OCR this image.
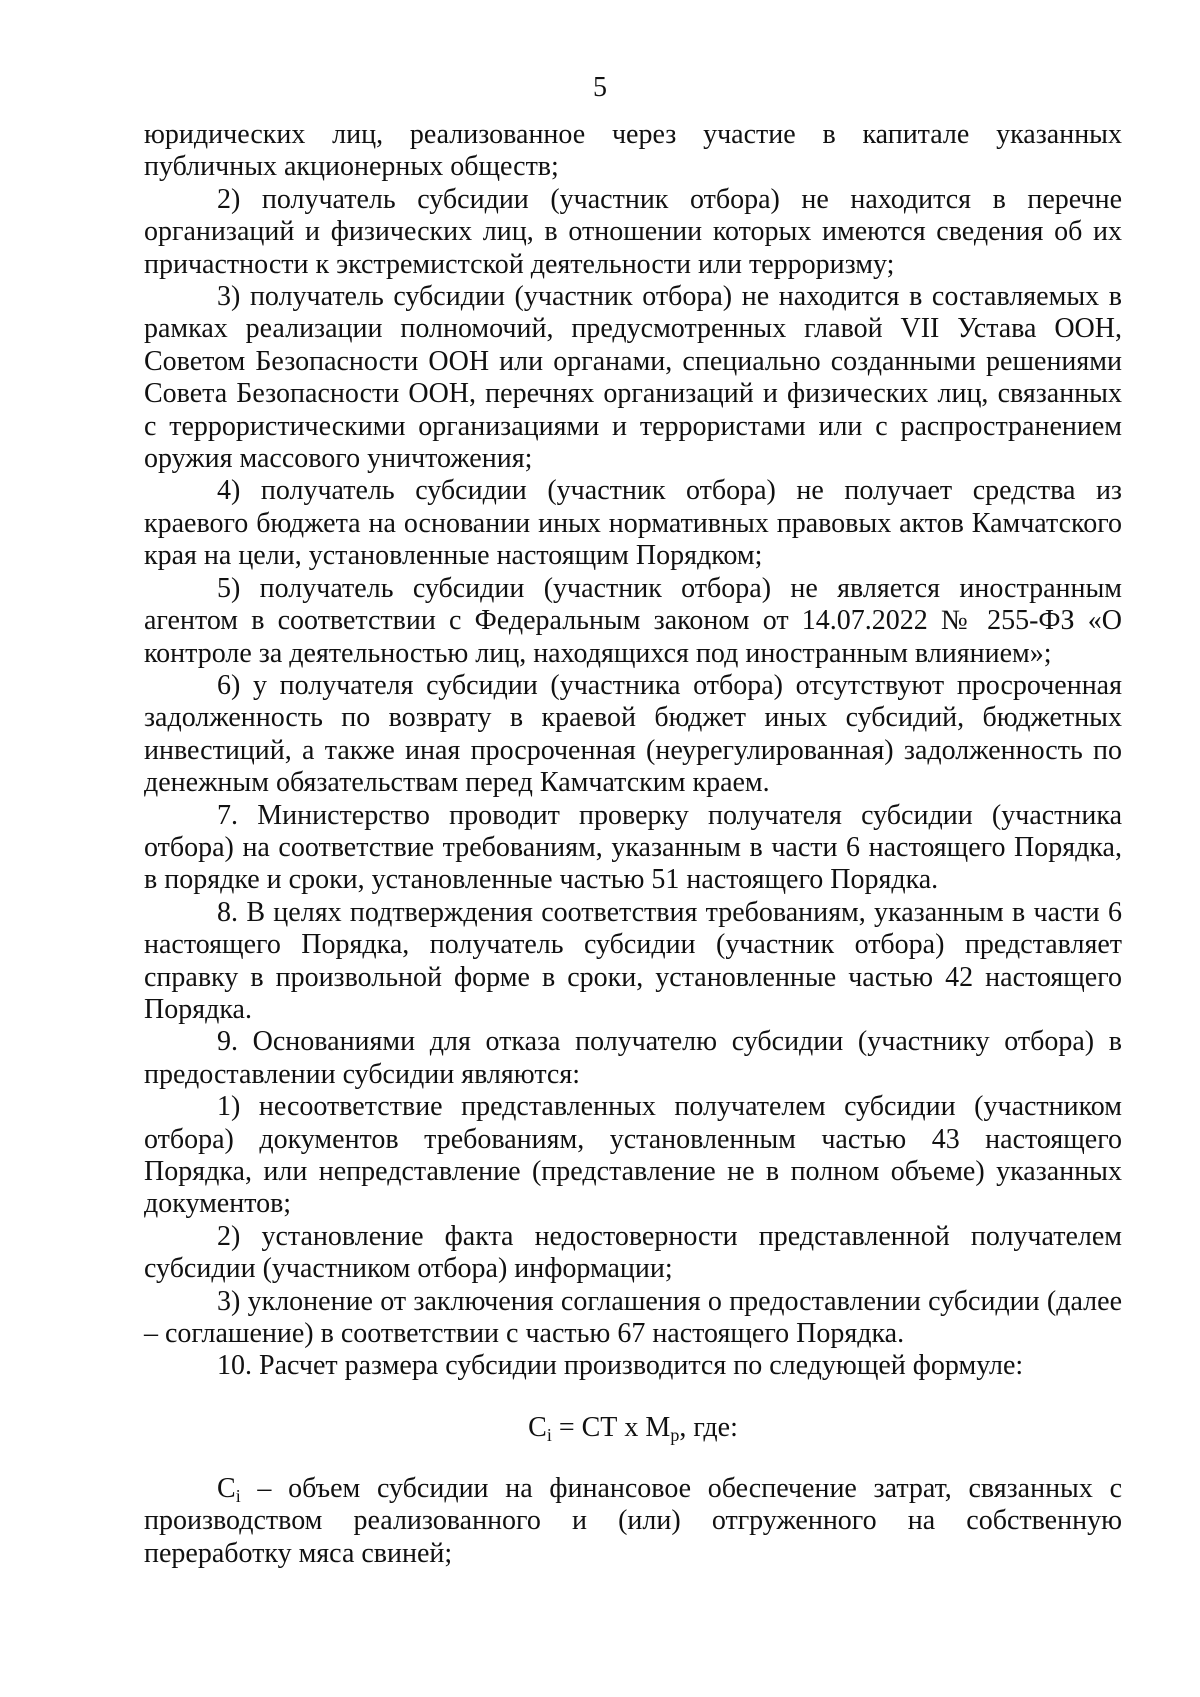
5

юридических лиц, реализованное через участие в капитале указанных публичных акционерных обществ;

2) получатель субсидии (участник отбора) не находится в перечне организаций и физических лиц, в отношении которых имеются сведения об их причастности к экстремистской деятельности или терроризму;

3) получатель субсидии (участник отбора) не находится в составляемых в рамках реализации полномочий, предусмотренных главой VII Устава ООН, Советом Безопасности ООН или органами, специально созданными решениями Совета Безопасности ООН, перечнях организаций и физических лиц, связанных с террористическими организациями и террористами или с распространением оружия массового уничтожения;

4) получатель субсидии (участник отбора) не получает средства из краевого бюджета на основании иных нормативных правовых актов Камчатского края на цели, установленные настоящим Порядком;

5) получатель субсидии (участник отбора) не является иностранным агентом в соответствии с Федеральным законом от 14.07.2022 № 255-ФЗ «О контроле за деятельностью лиц, находящихся под иностранным влиянием»;

6) у получателя субсидии (участника отбора) отсутствуют просроченная задолженность по возврату в краевой бюджет иных субсидий, бюджетных инвестиций, а также иная просроченная (неурегулированная) задолженность по денежным обязательствам перед Камчатским краем.

7. Министерство проводит проверку получателя субсидии (участника отбора) на соответствие требованиям, указанным в части 6 настоящего Порядка, в порядке и сроки, установленные частью 51 настоящего Порядка.

8. В целях подтверждения соответствия требованиям, указанным в части 6 настоящего Порядка, получатель субсидии (участник отбора) представляет справку в произвольной форме в сроки, установленные частью 42 настоящего Порядка.

9. Основаниями для отказа получателю субсидии (участнику отбора) в предоставлении субсидии являются:

1) несоответствие представленных получателем субсидии (участником отбора) документов требованиям, установленным частью 43 настоящего Порядка, или непредставление (представление не в полном объеме) указанных документов;

2) установление факта недостоверности представленной получателем субсидии (участником отбора) информации;

3) уклонение от заключения соглашения о предоставлении субсидии (далее – соглашение) в соответствии с частью 67 настоящего Порядка.

10. Расчет размера субсидии производится по следующей формуле:

$С_i$ = СТ х $М_р$, где:

$С_i$ – объем субсидии на финансовое обеспечение затрат, связанных с производством реализованного и (или) отгруженного на собственную переработку мяса свиней;
